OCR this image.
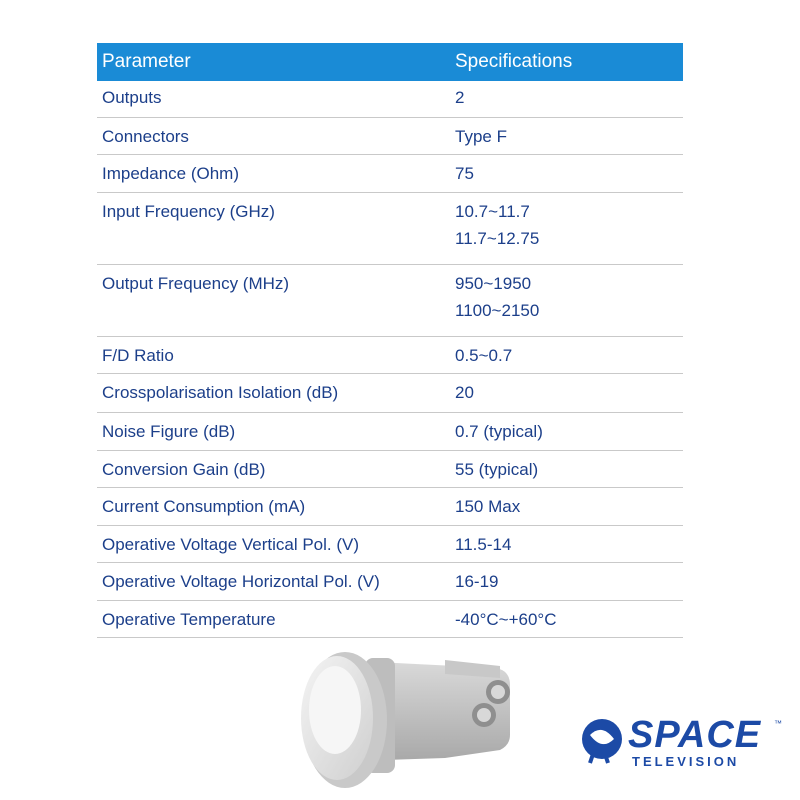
Parameter	Specifications
Outputs	2
Connectors	Type F
Impedance (Ohm)	75
Input Frequency (GHz)	10.7~11.7
11.7~12.75
Output Frequency (MHz)	950~1950
1100~2150
F/D Ratio	0.5~0.7
Crosspolarisation Isolation (dB)	20
Noise Figure (dB)	0.7 (typical)
Conversion Gain (dB)	55 (typical)
Current Consumption (mA)	150 Max
Operative Voltage Vertical Pol. (V)	11.5-14
Operative Voltage Horizontal Pol. (V)	16-19
Operative Temperature	-40°C~+60°C
SPACE
TELEVISION
™
